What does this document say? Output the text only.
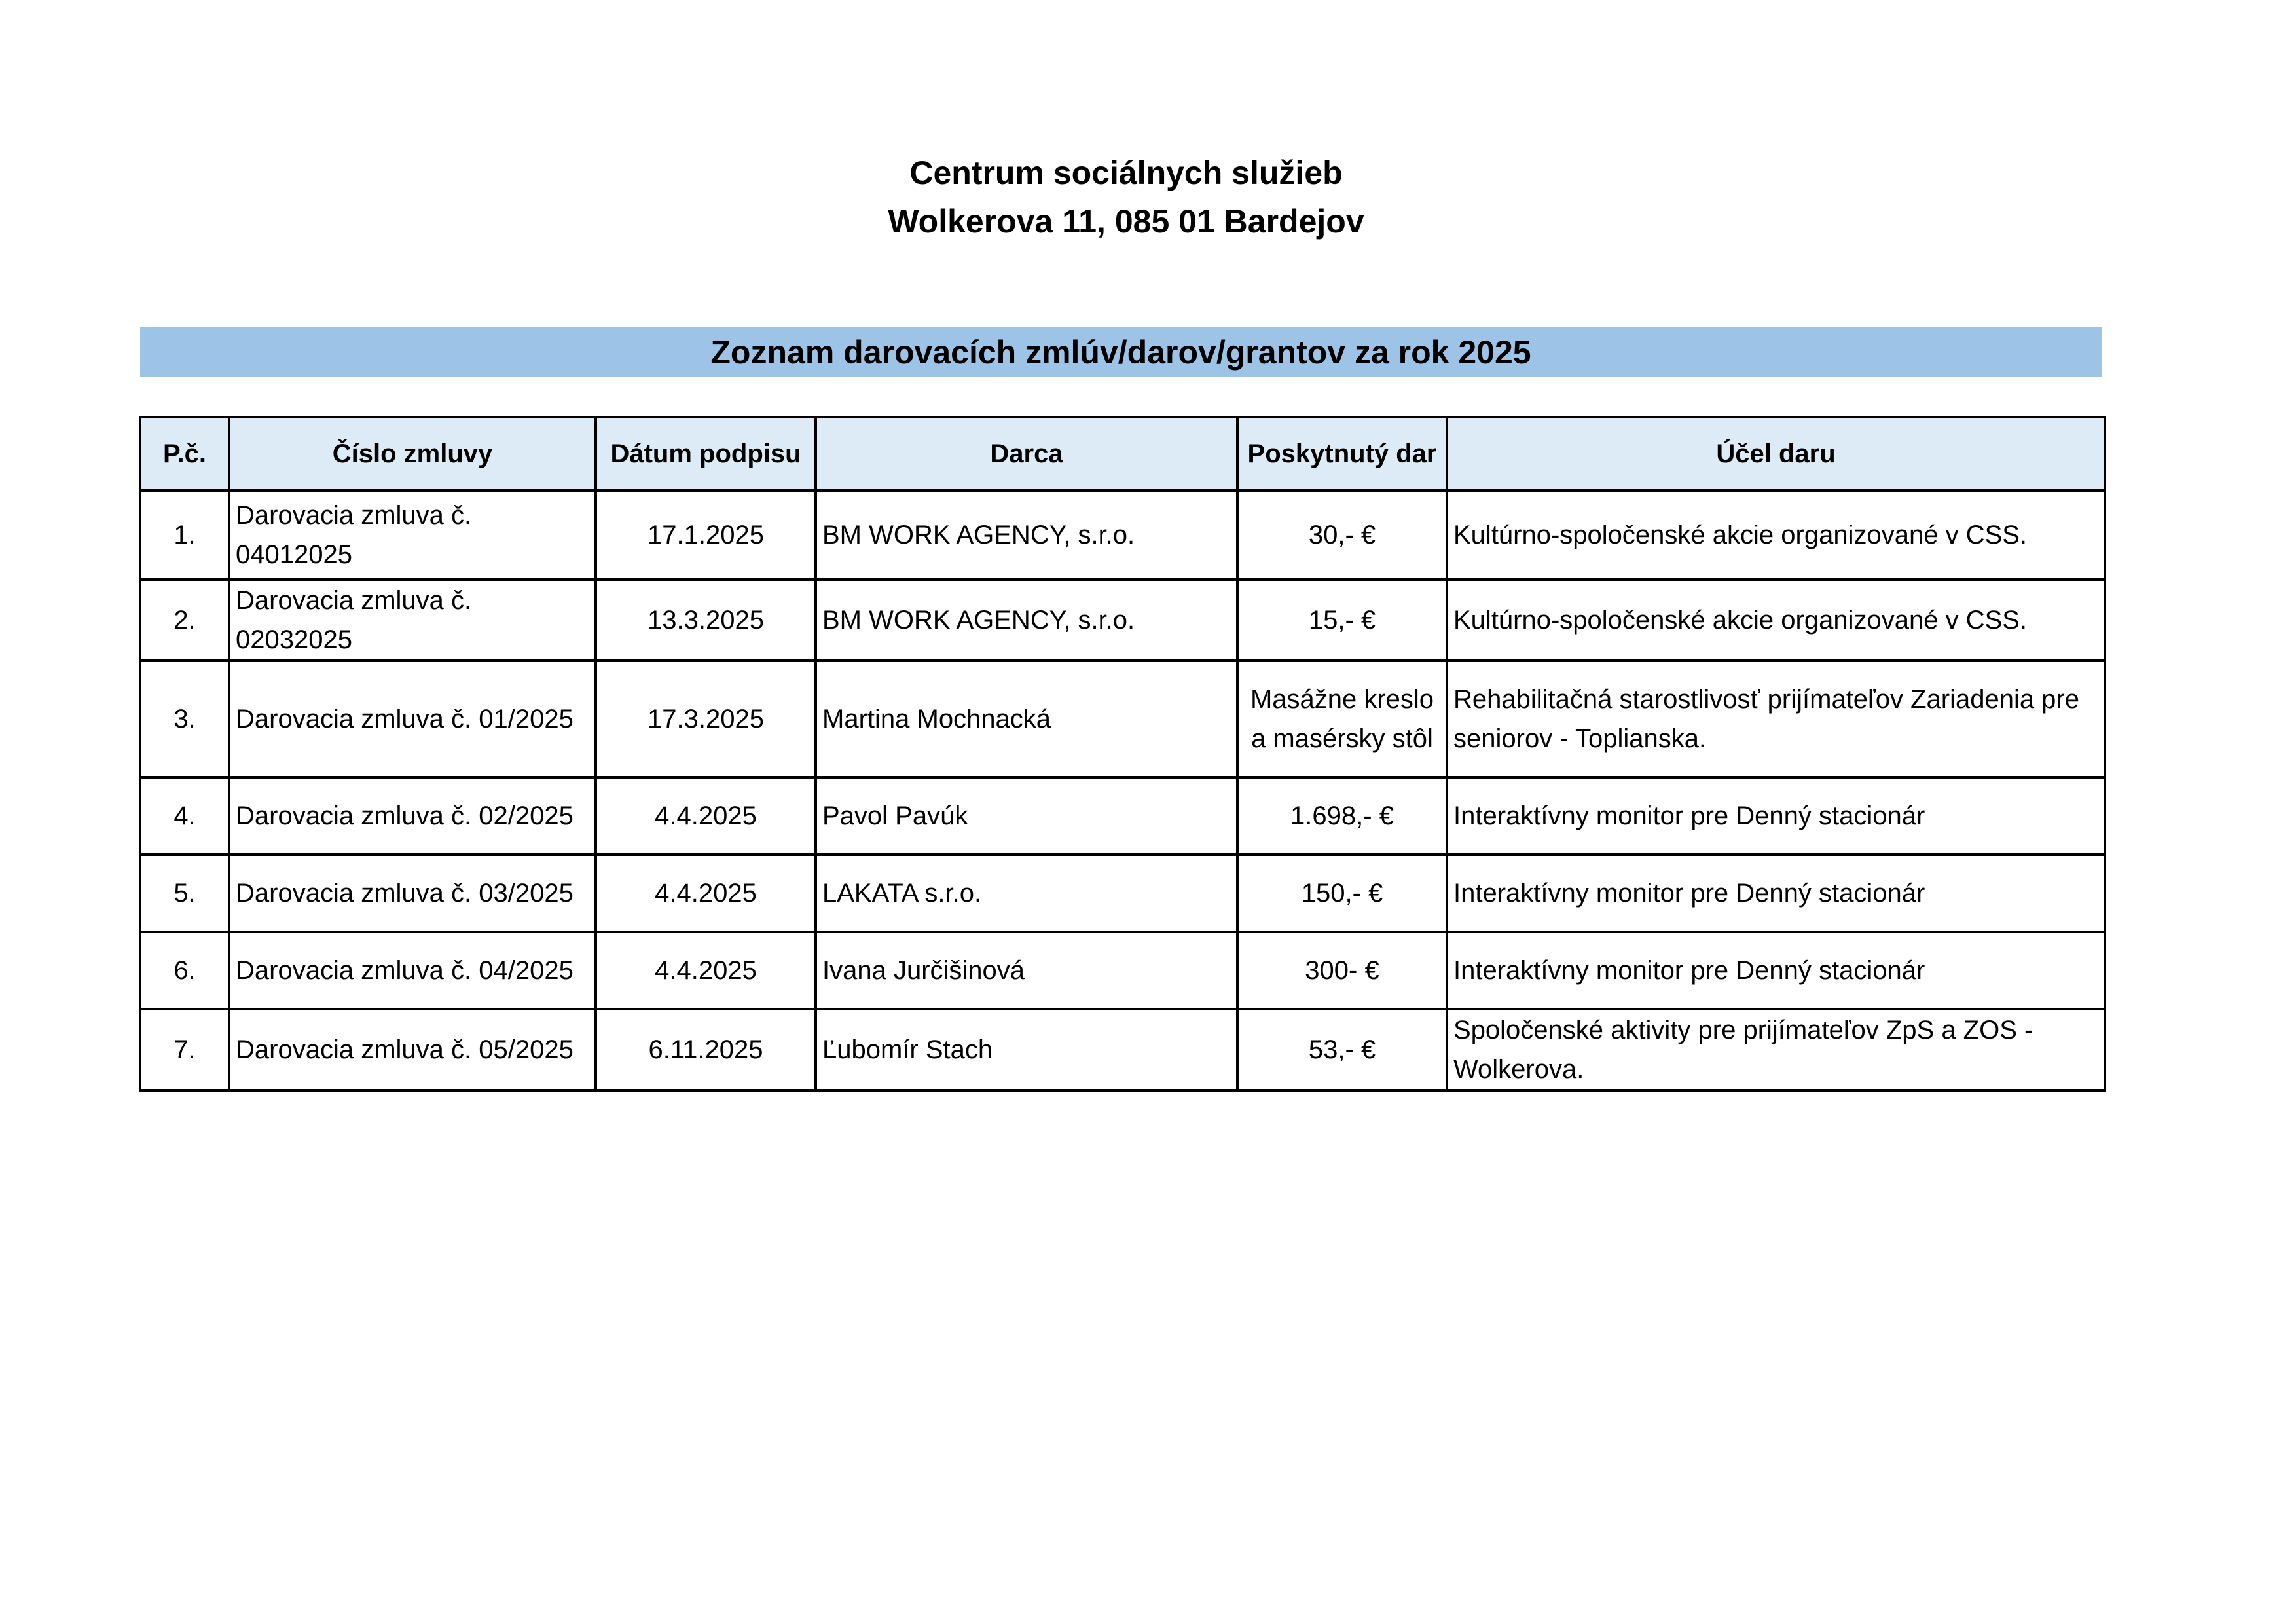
Centrum sociálnych služieb
Wolkerova 11, 085 01 Bardejov
Zoznam darovacích zmlúv/darov/grantov za rok 2025
P.č.	Číslo zmluvy	Dátum podpisu	Darca	Poskytnutý dar	Účel daru
1.	Darovacia zmluva č. 04012025	17.1.2025	BM WORK AGENCY, s.r.o.	30,- €	Kultúrno-spoločenské akcie organizované v CSS.
2.	Darovacia zmluva č. 02032025	13.3.2025	BM WORK AGENCY, s.r.o.	15,- €	Kultúrno-spoločenské akcie organizované v CSS.
3.	Darovacia zmluva č. 01/2025	17.3.2025	Martina Mochnacká	Masážne kreslo a masérsky stôl	Rehabilitačná starostlivosť prijímateľov Zariadenia pre seniorov - Toplianska.
4.	Darovacia zmluva č. 02/2025	4.4.2025	Pavol Pavúk	1.698,- €	Interaktívny monitor pre Denný stacionár
5.	Darovacia zmluva č. 03/2025	4.4.2025	LAKATA s.r.o.	150,- €	Interaktívny monitor pre Denný stacionár
6.	Darovacia zmluva č. 04/2025	4.4.2025	Ivana Jurčišinová	300- €	Interaktívny monitor pre Denný stacionár
7.	Darovacia zmluva č. 05/2025	6.11.2025	Ľubomír Stach	53,- €	Spoločenské aktivity pre prijímateľov ZpS a ZOS - Wolkerova.
